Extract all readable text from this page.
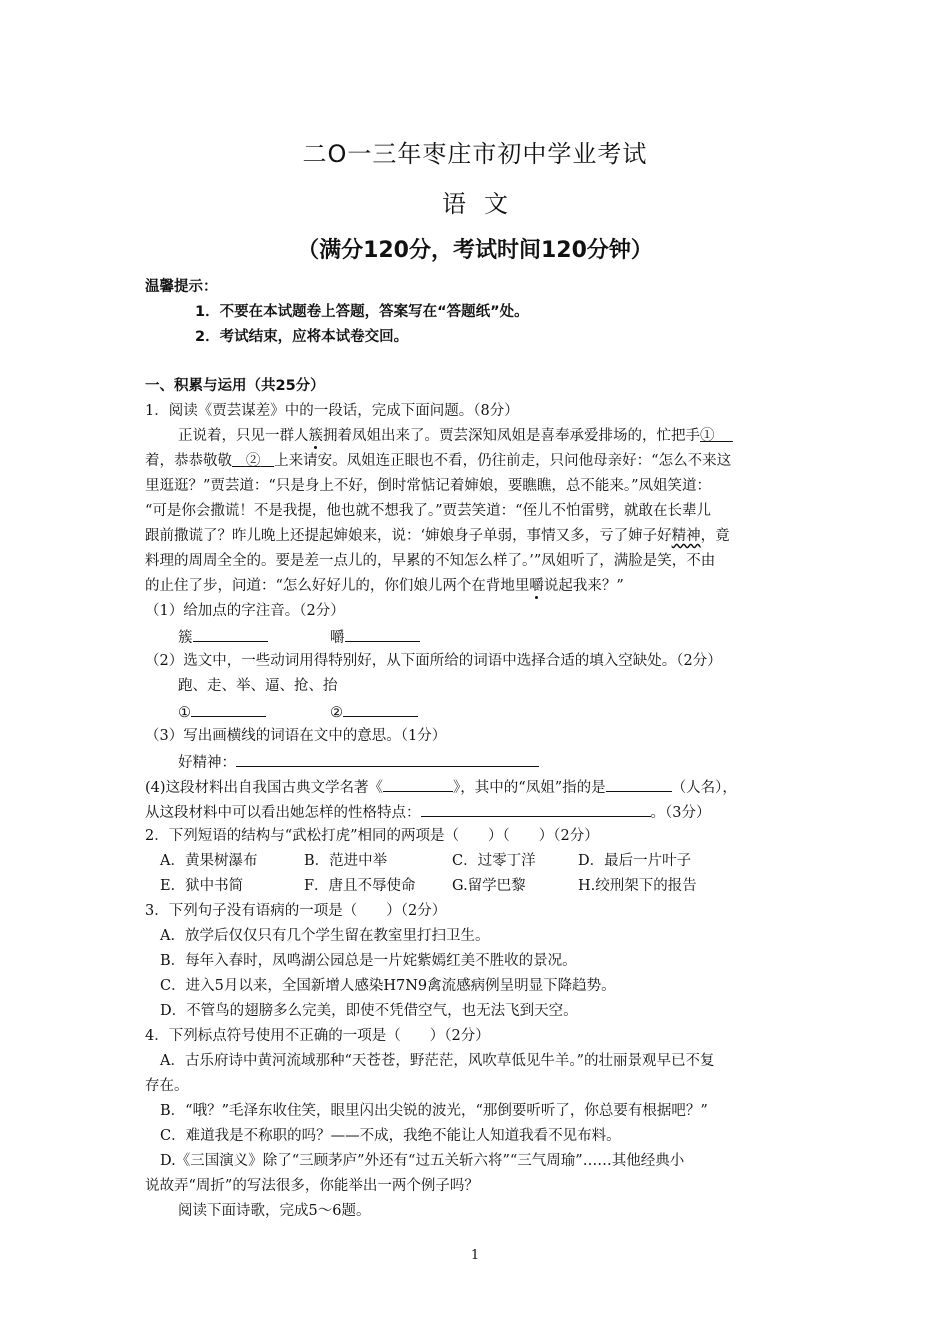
二O一三年枣庄市初中学业考试
语文
（满分120分，考试时间120分钟）
温馨提示：
1．不要在本试题卷上答题，答案写在“答题纸”处。
2．考试结束，应将本试卷交回。
一、积累与运用（共25分）
1．阅读《贾芸谋差》中的一段话，完成下面问题。（8分）
正说着，只见一群人簇拥着凤姐出来了。贾芸深知凤姐是喜奉承爱排场的，忙把手①
着，恭恭敬敬 ② 上来请安。凤姐连正眼也不看，仍往前走，只问他母亲好：“怎么不来这
里逛逛？”贾芸道：“只是身上不好，倒时常惦记着婶娘，要瞧瞧，总不能来。”凤姐笑道：
“可是你会撒谎！不是我提，他也就不想我了。”贾芸笑道：“侄儿不怕雷劈，就敢在长辈儿
跟前撒谎了？昨儿晚上还提起婶娘来，说：‘婶娘身子单弱，事情又多，亏了婶子好精神，竟
料理的周周全全的。要是差一点儿的，早累的不知怎么样了。’”凤姐听了，满脸是笑，不由
的止住了步，问道：“怎么好好儿的，你们娘儿两个在背地里嚼说起我来？”
（1）给加点的字注音。（2分）
簇	嚼
（2）选文中，一些动词用得特别好，从下面所给的词语中选择合适的填入空缺处。（2分）
跑、走、举、逼、抢、抬
①	②
（3）写出画横线的词语在文中的意思。（1分）
好精神：
(4)这段材料出自我国古典文学名著《	》，其中的“凤姐”指的是	（人名），
从这段材料中可以看出她怎样的性格特点：	。（3分）
2．下列短语的结构与“武松打虎”相同的两项是（　　）（　　）（2分）
A．黄果树瀑布	B．范进中举	C．过零丁洋	D．最后一片叶子
E．狱中书简	F．唐且不辱使命	G.留学巴黎	H.绞刑架下的报告
3．下列句子没有语病的一项是（　　）（2分）
A．放学后仅仅只有几个学生留在教室里打扫卫生。
B．每年入春时，凤鸣湖公园总是一片姹紫嫣红美不胜收的景况。
C．进入5月以来，全国新增人感染H7N9禽流感病例呈明显下降趋势。
D．不管鸟的翅膀多么完美，即使不凭借空气，也无法飞到天空。
4．下列标点符号使用不正确的一项是（　　）（2分）
A．古乐府诗中黄河流域那种“天苍苍，野茫茫，风吹草低见牛羊。”的壮丽景观早已不复
存在。
B．“哦？”毛泽东收住笑，眼里闪出尖锐的波光，“那倒要听听了，你总要有根据吧？”
C．难道我是不称职的吗？——不成，我绝不能让人知道我看不见布料。
D.《三国演义》除了“三顾茅庐”外还有“过五关斩六将”“三气周瑜”……其他经典小
说故弄“周折”的写法很多，你能举出一两个例子吗？
阅读下面诗歌，完成5～6题。
1
